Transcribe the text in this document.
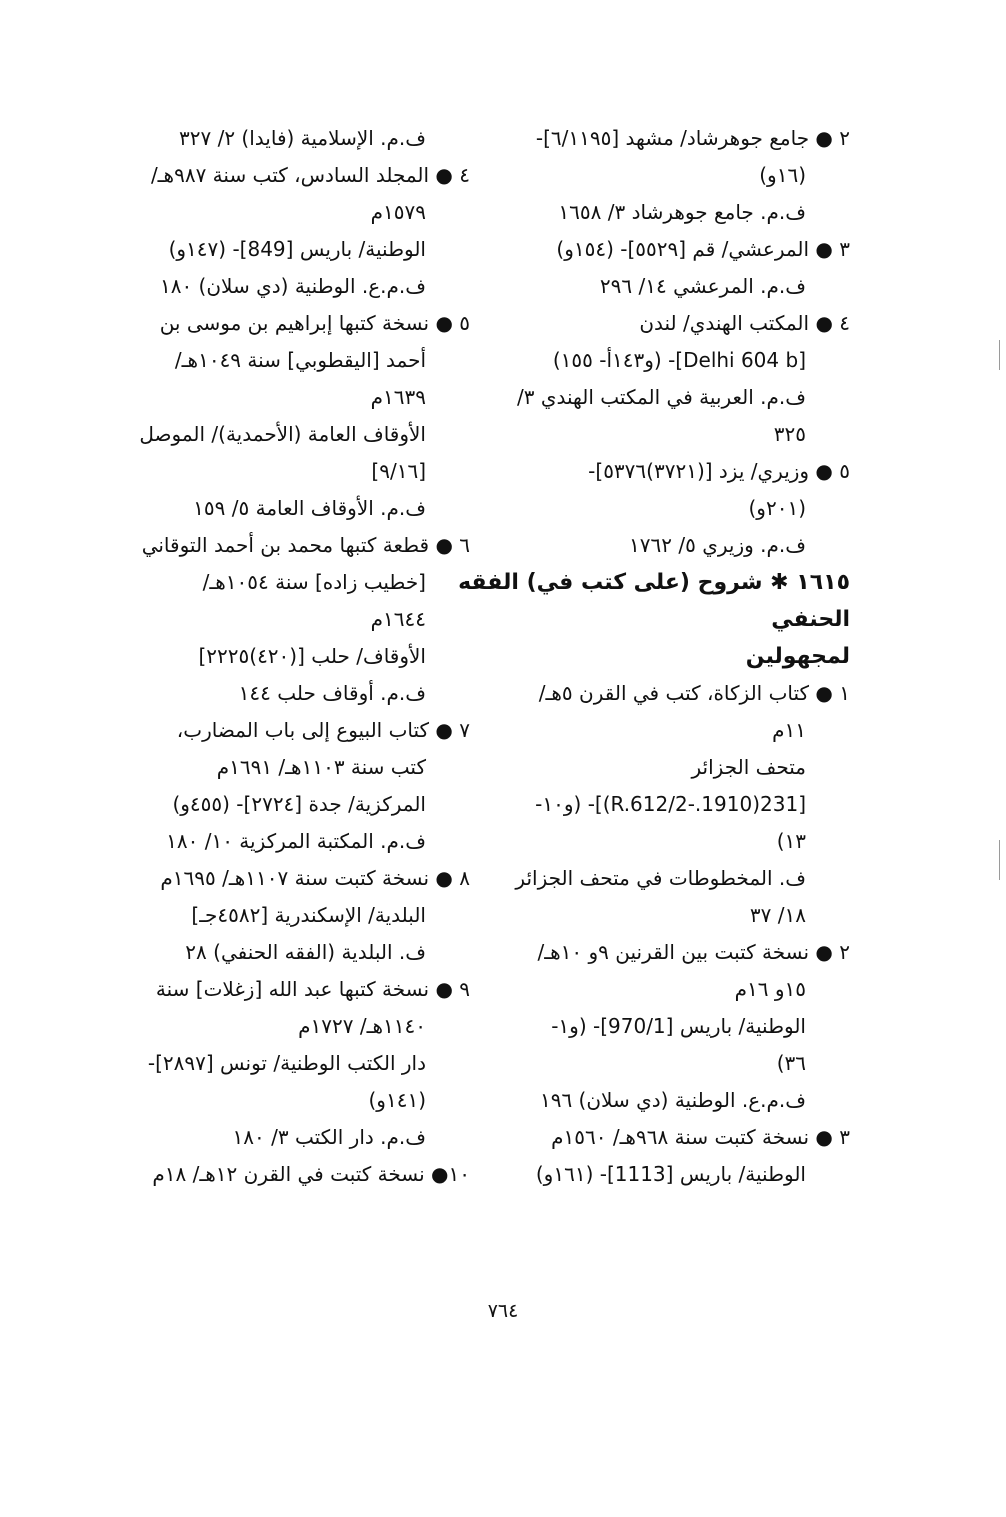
٢ ● جامع جوهرشاد/ مشهد [٦/١١٩٥]-
(١٦و)
ف.م. جامع جوهرشاد ٣/ ١٦٥٨
٣ ● المرعشي/ قم [٥٥٢٩]- (١٥٤و)
ف.م. المرعشي ١٤/ ٢٩٦
٤ ● المكتب الهندي/ لندن
[Delhi 604 b]- (و١٤٣أ- ١٥٥)
ف.م. العربية في المكتب الهندي ٣/
٣٢٥
٥ ● وزيري/ يزد [(٣٧٢١)٥٣٧٦]-
(٢٠١و)
ف.م. وزيري ٥/ ١٧٦٢
١٦١٥ ✱ شروح (على كتب في) الفقه
الحنفي
لمجهولين
١ ● كتاب الزكاة، كتب في القرن ٥هـ/
١١م
متحف الجزائر
[231(1910.-R.612/2)]- (و١٠-
١٣)
ف. المخطوطات في متحف الجزائر
١٨/ ٣٧
٢ ● نسخة كتبت بين القرنين ٩و ١٠هـ/
١٥و ١٦م
الوطنية/ باريس [970/1]- (و١-
٣٦)
ف.م.ع. الوطنية (دي سلان) ١٩٦
٣ ● نسخة كتبت سنة ٩٦٨هـ/ ١٥٦٠م
الوطنية/ باريس [1113]- (١٦١و)
ف.م. الإسلامية (فايدا) ٢/ ٣٢٧
٤ ● المجلد السادس، كتب سنة ٩٨٧هـ/
١٥٧٩م
الوطنية/ باريس [849]- (١٤٧و)
ف.م.ع. الوطنية (دي سلان) ١٨٠
٥ ● نسخة كتبها إبراهيم بن موسى بن
أحمد [اليقطوبي] سنة ١٠٤٩هـ/
١٦٣٩م
الأوقاف العامة (الأحمدية)/ الموصل
[٩/١٦]
ف.م. الأوقاف العامة ٥/ ١٥٩
٦ ● قطعة كتبها محمد بن أحمد التوقاني
[خطيب زاده] سنة ١٠٥٤هـ/
١٦٤٤م
الأوقاف/ حلب [(٤٢٠)٢٢٢٥]
ف.م. أوقاف حلب ١٤٤
٧ ● كتاب البيوع إلى باب المضارب،
كتب سنة ١١٠٣هـ/ ١٦٩١م
المركزية/ جدة [٢٧٢٤]- (٤٥٥و)
ف.م. المكتبة المركزية ١٠/ ١٨٠
٨ ● نسخة كتبت سنة ١١٠٧هـ/ ١٦٩٥م
البلدية/ الإسكندرية [٤٥٨٢جـ]
ف. البلدية (الفقه الحنفي) ٢٨
٩ ● نسخة كتبها عبد الله [زغلات] سنة
١١٤٠هـ/ ١٧٢٧م
دار الكتب الوطنية/ تونس [٢٨٩٧]-
(١٤١و)
ف.م. دار الكتب ٣/ ١٨٠
١٠● نسخة كتبت في القرن ١٢هـ/ ١٨م
٧٦٤
